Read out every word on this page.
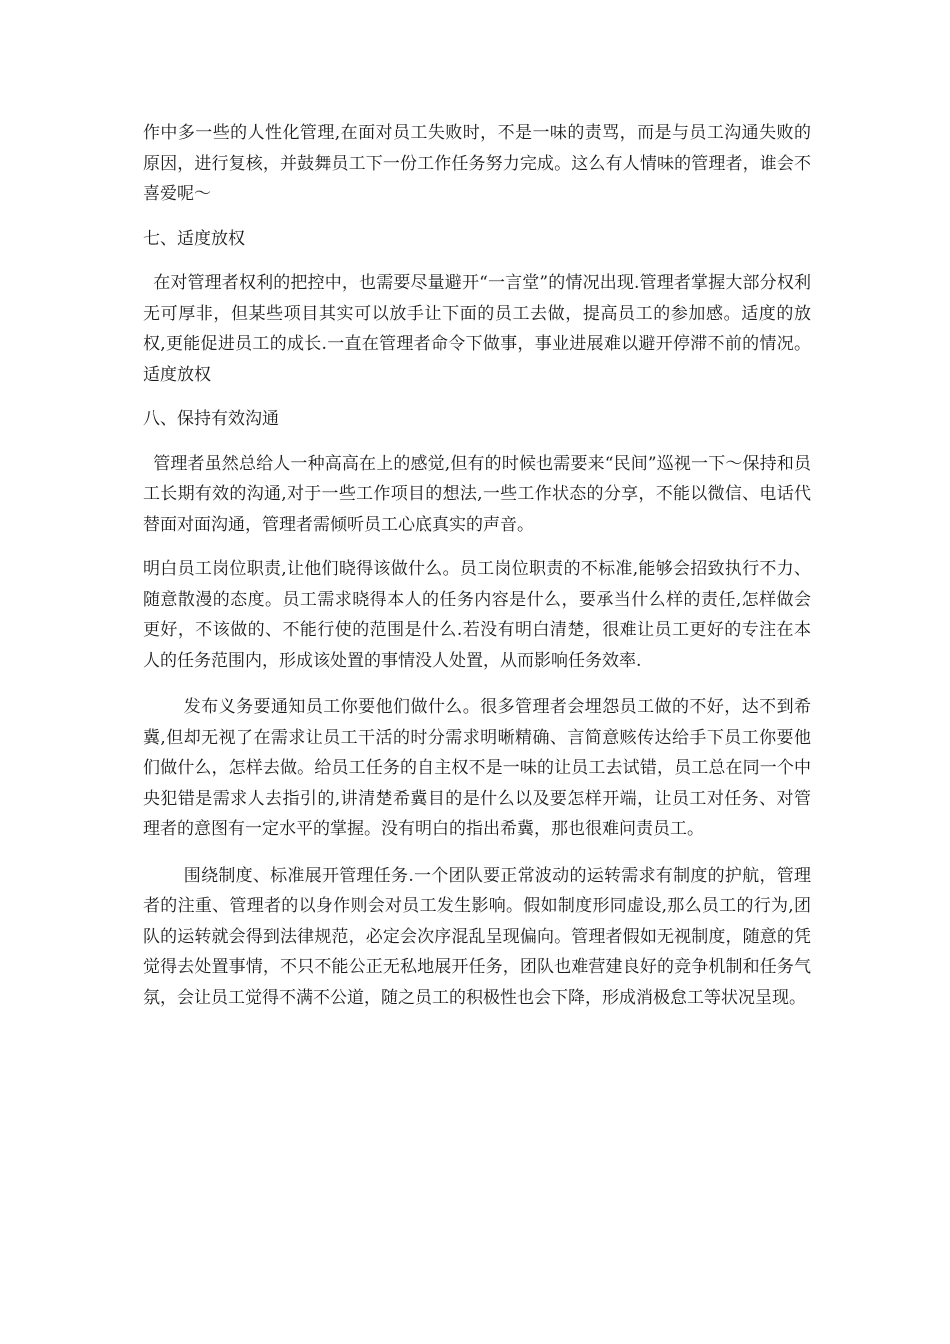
作中多一些的人性化管理,在面对员工失败时，不是一味的责骂，而是与员工沟通失败的原因，进行复核，并鼓舞员工下一份工作任务努力完成。这么有人情味的管理者，谁会不喜爱呢～

七、适度放权

在对管理者权利的把控中，也需要尽量避开“一言堂”的情况出现.管理者掌握大部分权利无可厚非，但某些项目其实可以放手让下面的员工去做，提高员工的参加感。适度的放权,更能促进员工的成长.一直在管理者命令下做事，事业进展难以避开停滞不前的情况。 适度放权

八、保持有效沟通

管理者虽然总给人一种高高在上的感觉,但有的时候也需要来“民间”巡视一下～保持和员工长期有效的沟通,对于一些工作项目的想法,一些工作状态的分享，不能以微信、电话代替面对面沟通，管理者需倾听员工心底真实的声音。

明白员工岗位职责,让他们晓得该做什么。员工岗位职责的不标准,能够会招致执行不力、随意散漫的态度。员工需求晓得本人的任务内容是什么，要承当什么样的责任,怎样做会更好，不该做的、不能行使的范围是什么.若没有明白清楚，很难让员工更好的专注在本人的任务范围内，形成该处置的事情没人处置，从而影响任务效率.

发布义务要通知员工你要他们做什么。很多管理者会埋怨员工做的不好，达不到希冀,但却无视了在需求让员工干活的时分需求明晰精确、言简意赅传达给手下员工你要他们做什么，怎样去做。给员工任务的自主权不是一味的让员工去试错，员工总在同一个中央犯错是需求人去指引的,讲清楚希冀目的是什么以及要怎样开端，让员工对任务、对管理者的意图有一定水平的掌握。没有明白的指出希冀，那也很难问责员工。

围绕制度、标准展开管理任务.一个团队要正常波动的运转需求有制度的护航，管理者的注重、管理者的以身作则会对员工发生影响。假如制度形同虚设,那么员工的行为,团队的运转就会得到法律规范，必定会次序混乱呈现偏向。管理者假如无视制度，随意的凭觉得去处置事情，不只不能公正无私地展开任务，团队也难营建良好的竞争机制和任务气氛，会让员工觉得不满不公道，随之员工的积极性也会下降，形成消极怠工等状况呈现。
